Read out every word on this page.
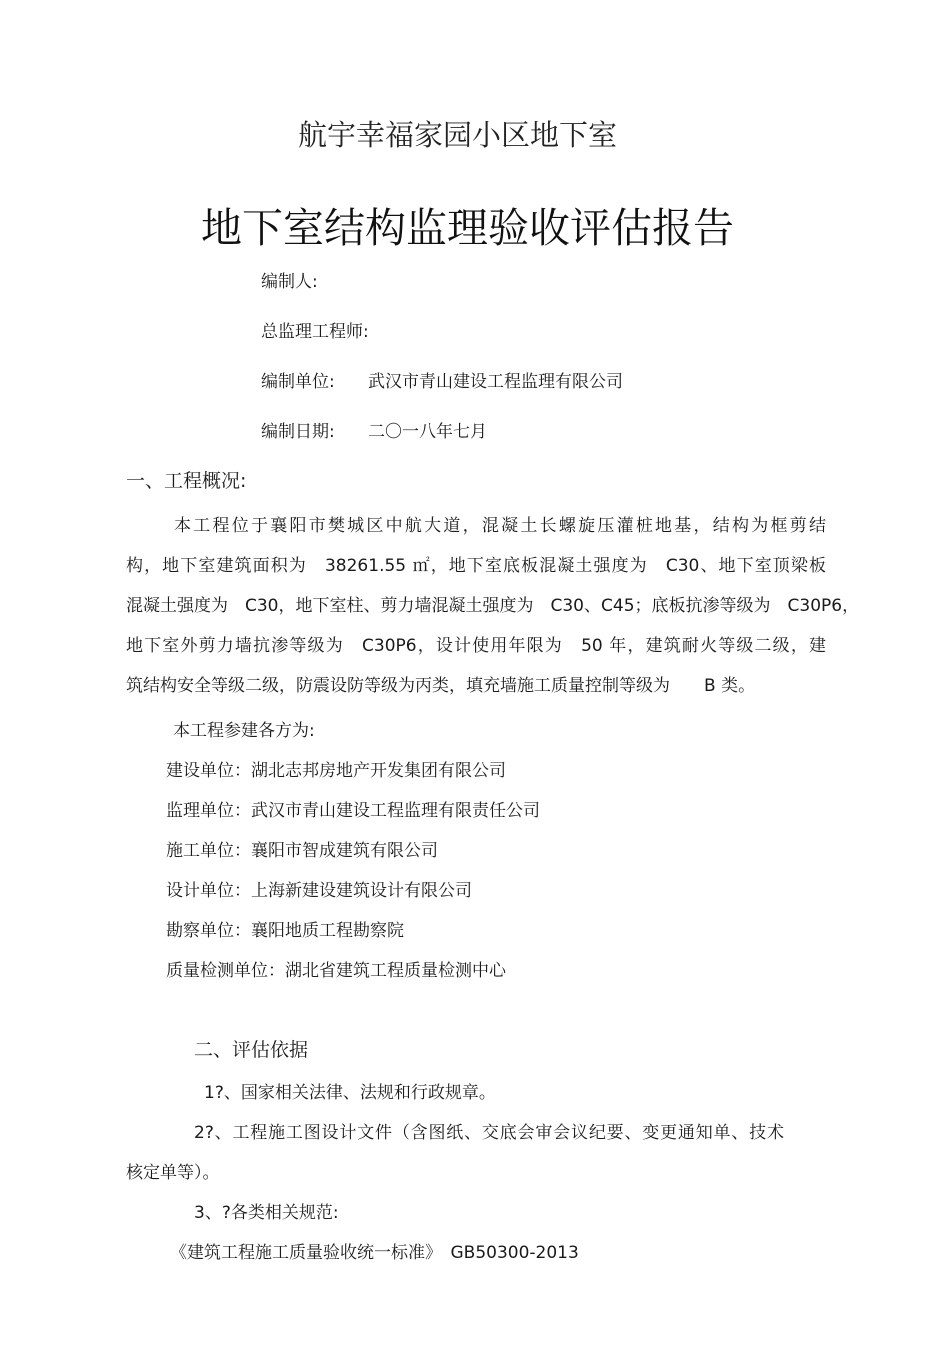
航宇幸福家园小区地下室
地下室结构监理验收评估报告
编制人:
总监理工程师:
编制单位: 武汉市青山建设工程监理有限公司
编制日期: 二〇一八年七月
一、工程概况:
本工程位于襄阳市樊城区中航大道，混凝土长螺旋压灌桩地基，结构为框剪结
构，地下室建筑面积为　38261.55 ㎡，地下室底板混凝土强度为　C30、地下室顶梁板
混凝土强度为　C30，地下室柱、剪力墙混凝土强度为　C30、C45；底板抗渗等级为　C30P6，
地下室外剪力墙抗渗等级为　C30P6，设计使用年限为　50 年，建筑耐火等级二级，建
筑结构安全等级二级，防震设防等级为丙类，填充墙施工质量控制等级为　　B 类。
本工程参建各方为:
建设单位：湖北志邦房地产开发集团有限公司
监理单位：武汉市青山建设工程监理有限责任公司
施工单位：襄阳市智成建筑有限公司
设计单位：上海新建设建筑设计有限公司
勘察单位：襄阳地质工程勘察院
质量检测单位：湖北省建筑工程质量检测中心
二、评估依据
1?、国家相关法律、法规和行政规章。
2?、工程施工图设计文件（含图纸、交底会审会议纪要、变更通知单、技术
核定单等）。
3、?各类相关规范:
《建筑工程施工质量验收统一标准》　GB50300-2013
